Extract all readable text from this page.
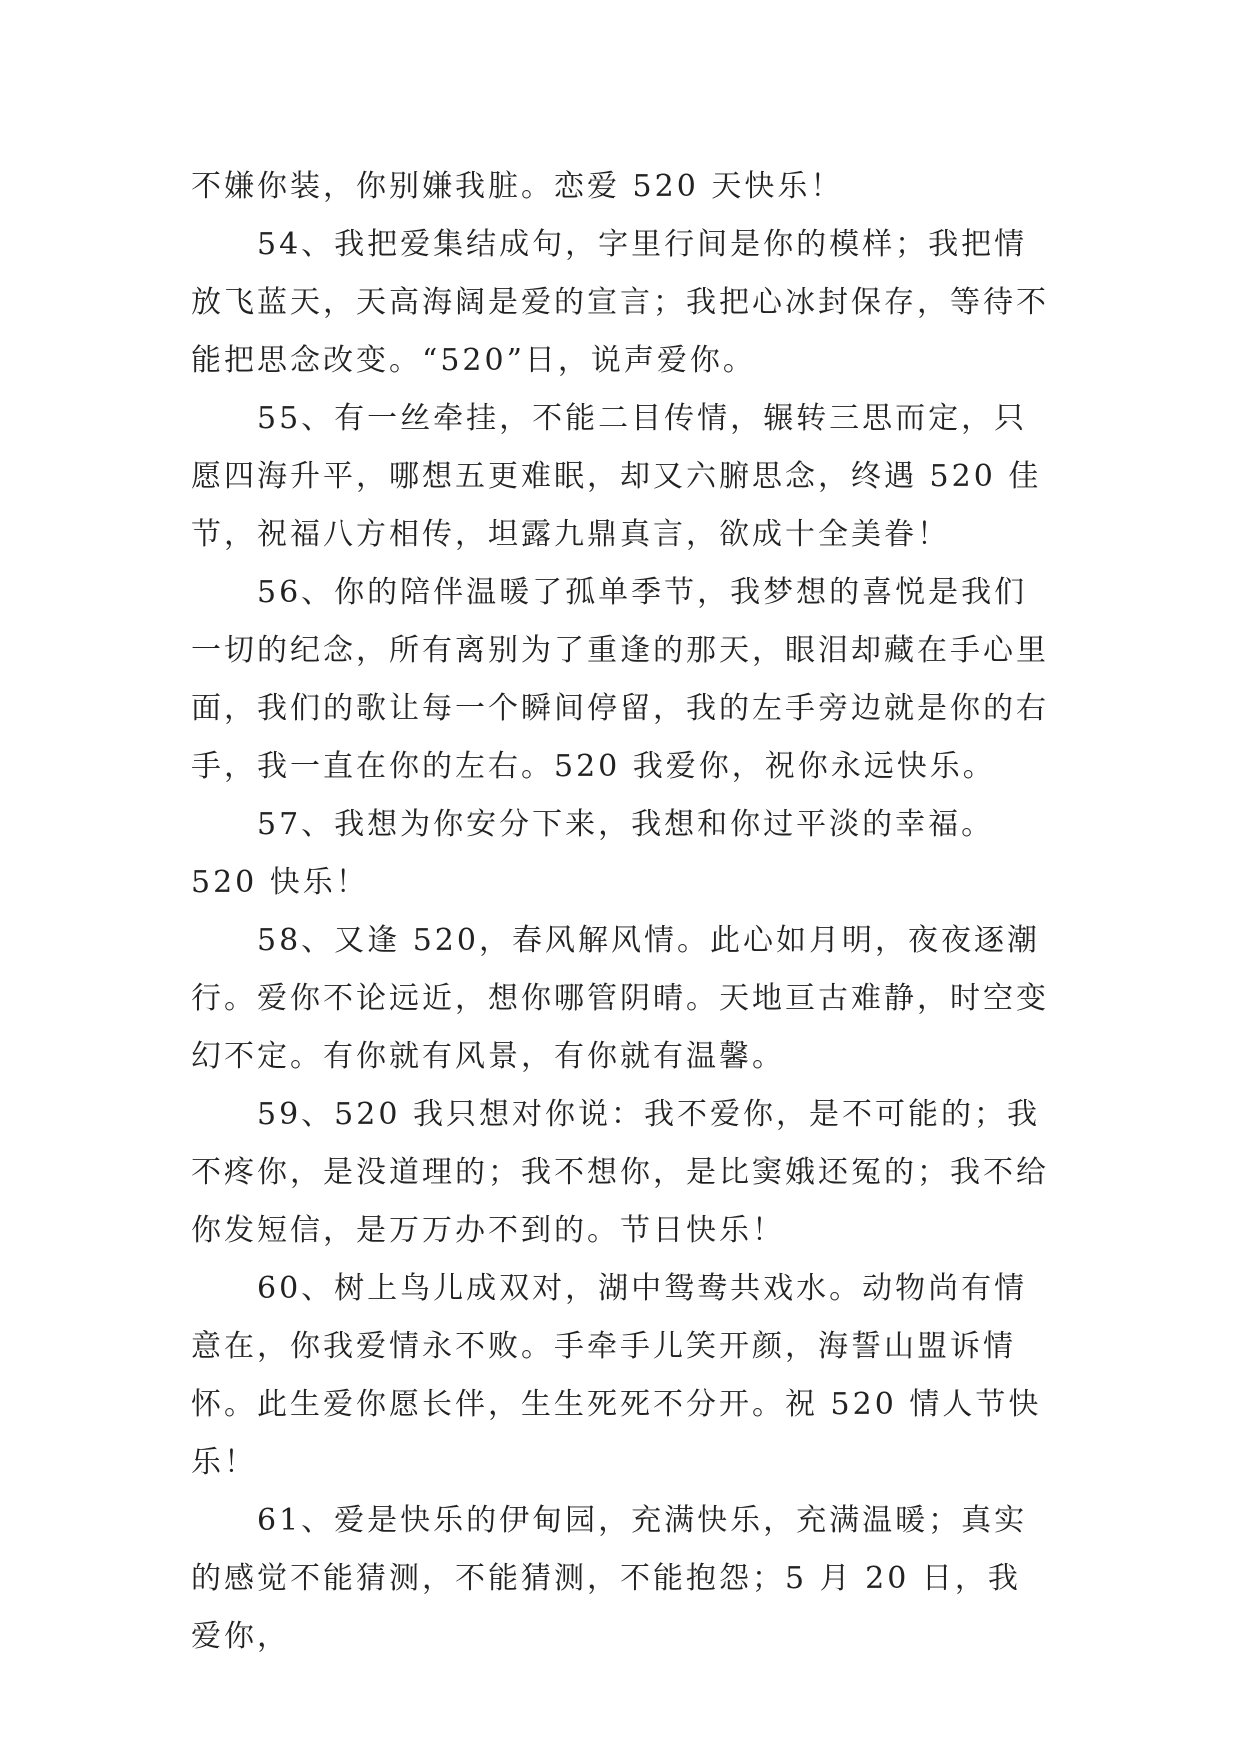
不嫌你装，你别嫌我脏。恋爱 520 天快乐！

54、我把爱集结成句，字里行间是你的模样；我把情放飞蓝天，天高海阔是爱的宣言；我把心冰封保存，等待不能把思念改变。“520”日，说声爱你。

55、有一丝牵挂，不能二目传情，辗转三思而定，只愿四海升平，哪想五更难眠，却又六腑思念，终遇 520 佳节，祝福八方相传，坦露九鼎真言，欲成十全美眷！

56、你的陪伴温暖了孤单季节，我梦想的喜悦是我们一切的纪念，所有离别为了重逢的那天，眼泪却藏在手心里面，我们的歌让每一个瞬间停留，我的左手旁边就是你的右手，我一直在你的左右。520 我爱你，祝你永远快乐。

57、我想为你安分下来，我想和你过平淡的幸福。520 快乐！

58、又逢 520，春风解风情。此心如月明，夜夜逐潮行。爱你不论远近，想你哪管阴晴。天地亘古难静，时空变幻不定。有你就有风景，有你就有温馨。

59、520 我只想对你说：我不爱你，是不可能的；我不疼你，是没道理的；我不想你，是比窦娥还冤的；我不给你发短信，是万万办不到的。节日快乐！

60、树上鸟儿成双对，湖中鸳鸯共戏水。动物尚有情意在，你我爱情永不败。手牵手儿笑开颜，海誓山盟诉情怀。此生爱你愿长伴，生生死死不分开。祝 520 情人节快乐！

61、爱是快乐的伊甸园，充满快乐，充满温暖；真实的感觉不能猜测，不能猜测，不能抱怨；5 月 20 日，我爱你，
